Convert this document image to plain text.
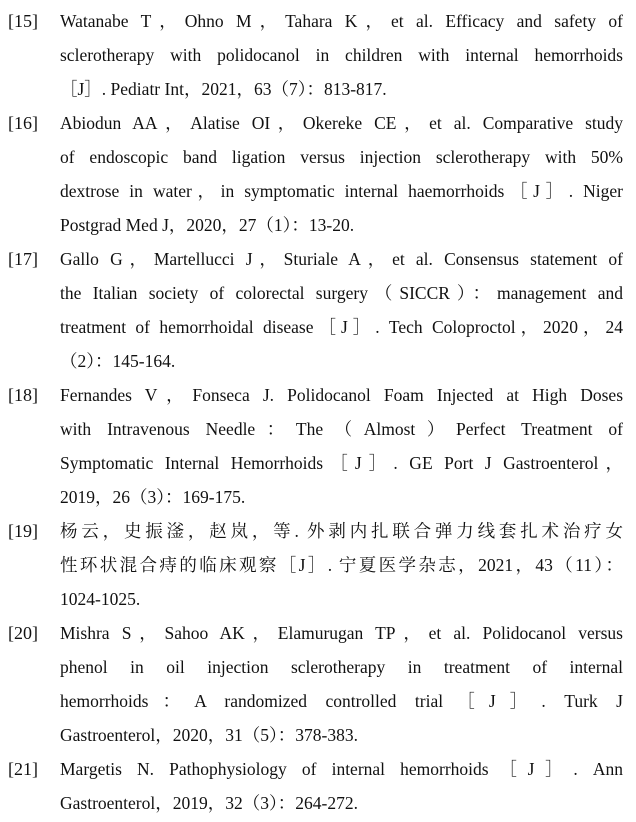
[15]	Watanabe T，Ohno M，Tahara K，et al. Efficacy and safety of
sclerotherapy with polidocanol in children with internal hemorrhoids
［J］. Pediatr Int，2021，63（7）：813-817.
[16]	Abiodun AA，Alatise OI，Okereke CE，et al. Comparative study
of endoscopic band ligation versus injection sclerotherapy with 50%
dextrose in water，in symptomatic internal haemorrhoids［J］. Niger
Postgrad Med J，2020，27（1）：13-20.
[17]	Gallo G，Martellucci J，Sturiale A，et al. Consensus statement of
the Italian society of colorectal surgery（SICCR）：management and
treatment of hemorrhoidal disease［J］. Tech Coloproctol，2020，24
（2）：145-164.
[18]	Fernandes V，Fonseca J. Polidocanol Foam Injected at High Doses
with Intravenous Needle：The（Almost）Perfect Treatment of
Symptomatic Internal Hemorrhoids［J］. GE Port J Gastroenterol，
2019，26（3）：169-175.
[19]	杨云，史振滏，赵岚，等. 外剥内扎联合弹力线套扎术治疗女
性环状混合痔的临床观察［J］. 宁夏医学杂志，2021，43（11）：
1024-1025.
[20]	Mishra S，Sahoo AK，Elamurugan TP，et al. Polidocanol versus
phenol in oil injection sclerotherapy in treatment of internal
hemorrhoids：A randomized controlled trial［J］. Turk J
Gastroenterol，2020，31（5）：378-383.
[21]	Margetis N. Pathophysiology of internal hemorrhoids［J］. Ann
Gastroenterol，2019，32（3）：264-272.
